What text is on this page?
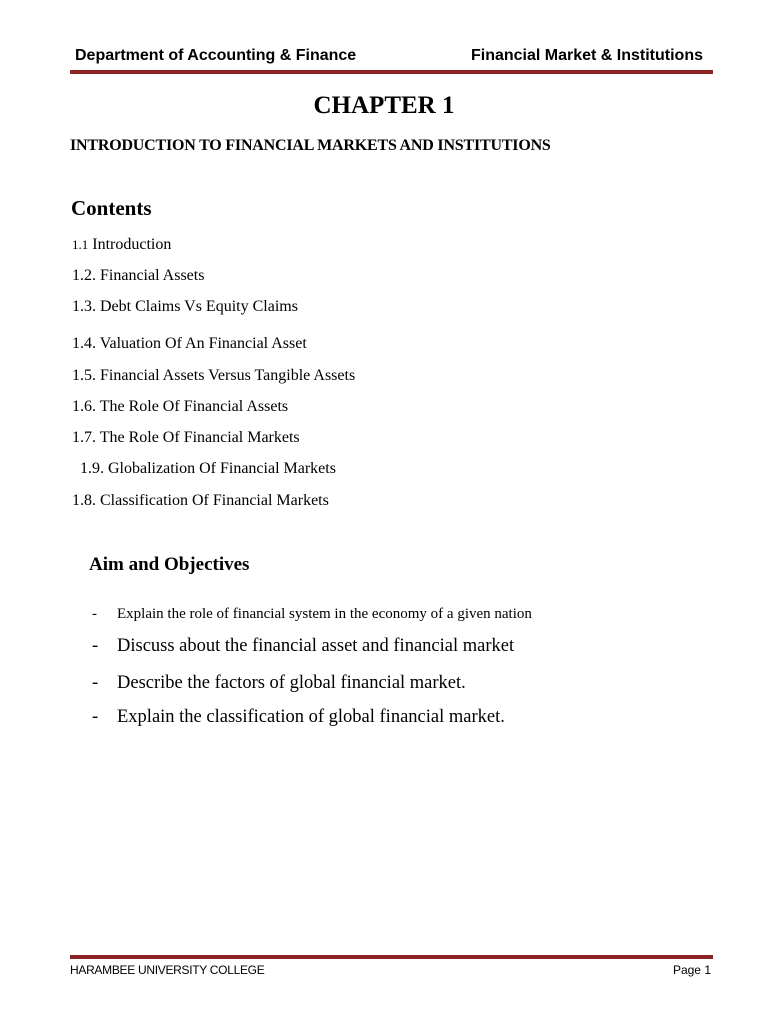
Department of Accounting & Finance	Financial Market & Institutions
CHAPTER 1
INTRODUCTION TO FINANCIAL MARKETS AND INSTITUTIONS
Contents
1.1 Introduction
1.2. Financial Assets
1.3. Debt Claims Vs Equity Claims
1.4. Valuation Of An Financial Asset
1.5. Financial Assets Versus Tangible Assets
1.6. The Role Of Financial Assets
1.7. The Role Of Financial Markets
1.9. Globalization Of Financial Markets
1.8. Classification Of Financial Markets
Aim and Objectives
-	Explain the role of financial system in the economy of a given nation
-	Discuss about the financial asset and financial market
-	Describe the factors of global financial market.
-	Explain the classification of global financial market.
HARAMBEE UNIVERSITY COLLEGE	Page 1
